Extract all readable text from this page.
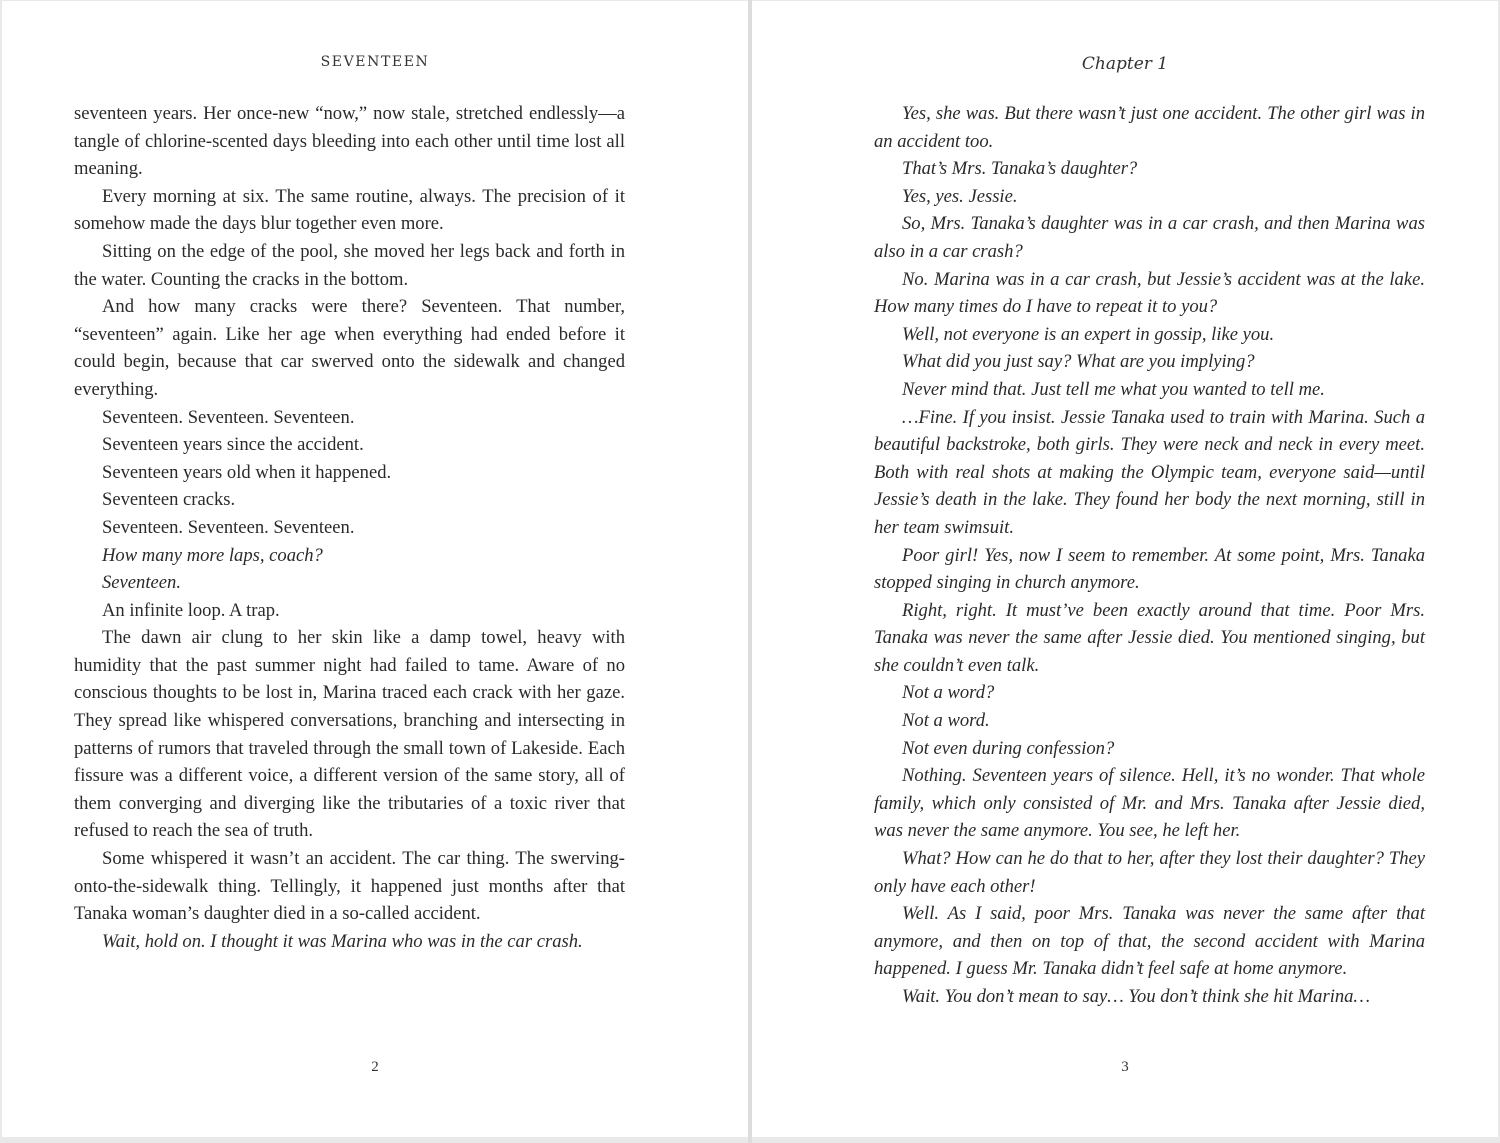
SEVENTEEN

seventeen years. Her once-new “now,” now stale, stretched endlessly—a tangle of chlorine-scented days bleeding into each other until time lost all meaning.

Every morning at six. The same routine, always. The precision of it somehow made the days blur together even more.

Sitting on the edge of the pool, she moved her legs back and forth in the water. Counting the cracks in the bottom.

And how many cracks were there? Seventeen. That number, “seventeen” again. Like her age when everything had ended before it could begin, because that car swerved onto the sidewalk and changed everything.

Seventeen. Seventeen. Seventeen.

Seventeen years since the accident.

Seventeen years old when it happened.

Seventeen cracks.

Seventeen. Seventeen. Seventeen.

How many more laps, coach?

Seventeen.

An infinite loop. A trap.

The dawn air clung to her skin like a damp towel, heavy with humidity that the past summer night had failed to tame. Aware of no conscious thoughts to be lost in, Marina traced each crack with her gaze. They spread like whispered conversations, branching and intersecting in patterns of rumors that traveled through the small town of Lakeside. Each fissure was a different voice, a different version of the same story, all of them converging and diverging like the tributaries of a toxic river that refused to reach the sea of truth.

Some whispered it wasn’t an accident. The car thing. The swerving-onto-the-sidewalk thing. Tellingly, it happened just months after that Tanaka woman’s daughter died in a so-called accident.

Wait, hold on. I thought it was Marina who was in the car crash.

2
Chapter 1

Yes, she was. But there wasn’t just one accident. The other girl was in an accident too.

That’s Mrs. Tanaka’s daughter?

Yes, yes. Jessie.

So, Mrs. Tanaka’s daughter was in a car crash, and then Marina was also in a car crash?

No. Marina was in a car crash, but Jessie’s accident was at the lake. How many times do I have to repeat it to you?

Well, not everyone is an expert in gossip, like you.

What did you just say? What are you implying?

Never mind that. Just tell me what you wanted to tell me.

…Fine. If you insist. Jessie Tanaka used to train with Marina. Such a beautiful backstroke, both girls. They were neck and neck in every meet. Both with real shots at making the Olympic team, everyone said—until Jessie’s death in the lake. They found her body the next morning, still in her team swimsuit.

Poor girl! Yes, now I seem to remember. At some point, Mrs. Tanaka stopped singing in church anymore.

Right, right. It must’ve been exactly around that time. Poor Mrs. Tanaka was never the same after Jessie died. You mentioned singing, but she couldn’t even talk.

Not a word?

Not a word.

Not even during confession?

Nothing. Seventeen years of silence. Hell, it’s no wonder. That whole family, which only consisted of Mr. and Mrs. Tanaka after Jessie died, was never the same anymore. You see, he left her.

What? How can he do that to her, after they lost their daughter? They only have each other!

Well. As I said, poor Mrs. Tanaka was never the same after that anymore, and then on top of that, the second accident with Marina happened. I guess Mr. Tanaka didn’t feel safe at home anymore.

Wait. You don’t mean to say… You don’t think she hit Marina…

3
